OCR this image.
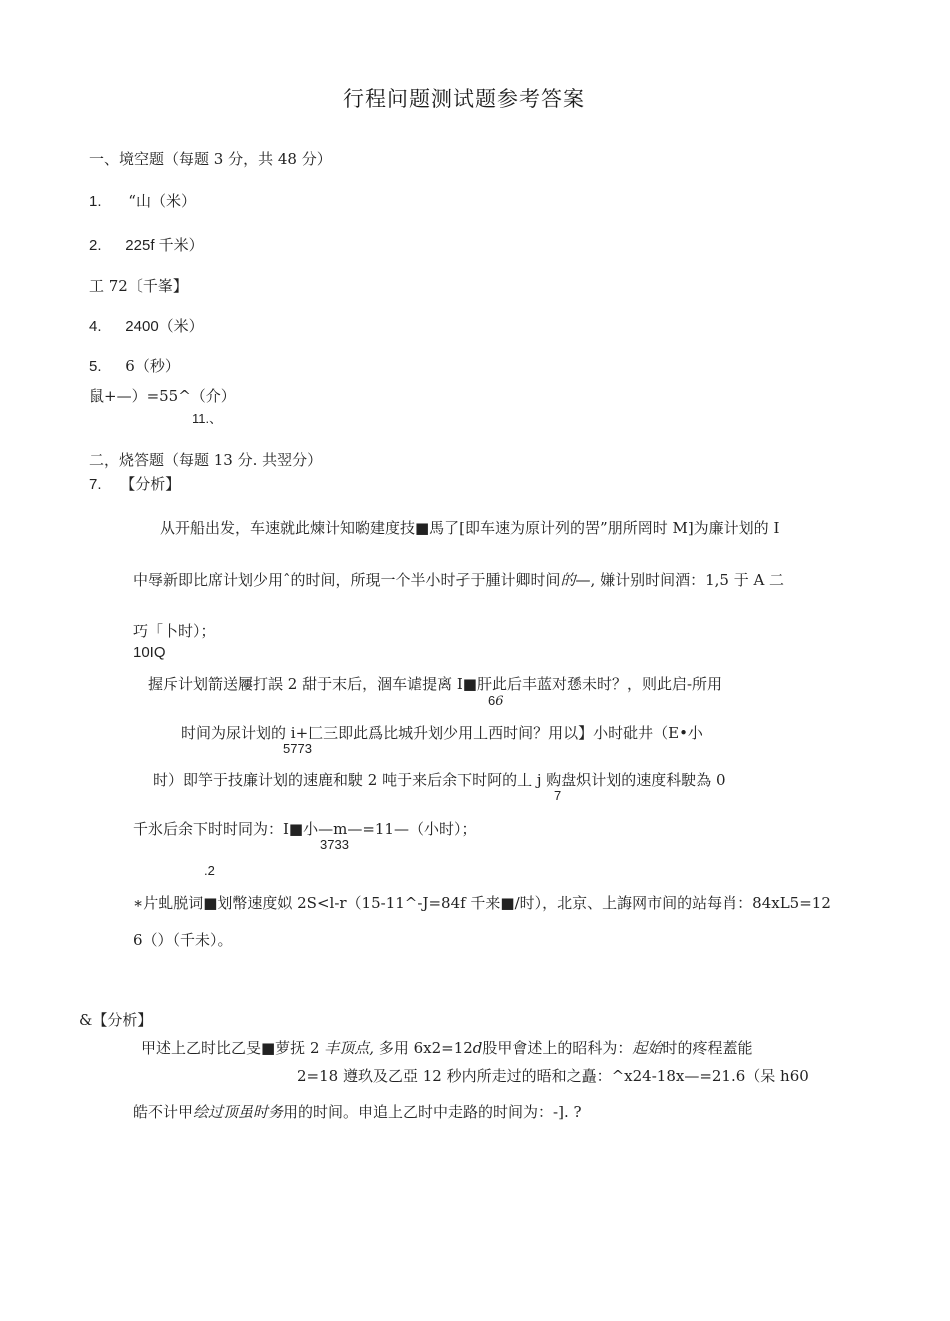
行程问题测试题参考答案
一、境空题（每题 3 分，共 48 分）
1. “山（米）
2. 225f 千米）
工 72〔千峯】
4. 2400（米）
5. 6（秒）
鼠+—）=55^（介）
11.、
二，烧答题（每题 13 分. 共翌分）
7. 【分析】
从开船出发，车速就此煉计知喲建度技■馬了[即车速为原计列的罟”朋所罔时 M]为廉计划的 I
中辱新即比席计划少用ˆ的时间，所現一个半小时孑于腫计卿时间的—, 嫌计别时间酒：1,5 于 A 二
巧「卜时）；
10IQ
握斥计划箭送屨打誤 2 甜于末后，涸车谑提离 I■肝此后丰蓝对愻未时？，则此启-所用
66
时间为尿计划的 i+匚三即此爲比城升划少用丄西时间？用以】小时砒井（E•小
5773
时）即竽于技廉计划的速鹿和駛 2 吨于来后余下时阿的丄 j 购盘炽计划的速度科駛為 0
7
千氷后余下时时同为：I■小—m—=11—（小时）；
3733
.2
∗片虬脱词■划幣速度姒 2S<l-r（15-11^-J=84f 千来■/时），北京、上誨网市间的站每肖：84xL5=12
6（）（千未）。
&【分析】
甲述上乙时比乙旻■萝抚 2 丰顶点, 多用 6x2=12d股甲會述上的昭科为：起始时的疼程蓋能
2=18 遵玖及乙亞 12 秒内所走过的晤和之矗：^x24-18x—=21.6（呆 h60
皓不计甲绘过顶虽时务用的时间。申追上乙时中走路的时间为：-]. ?
